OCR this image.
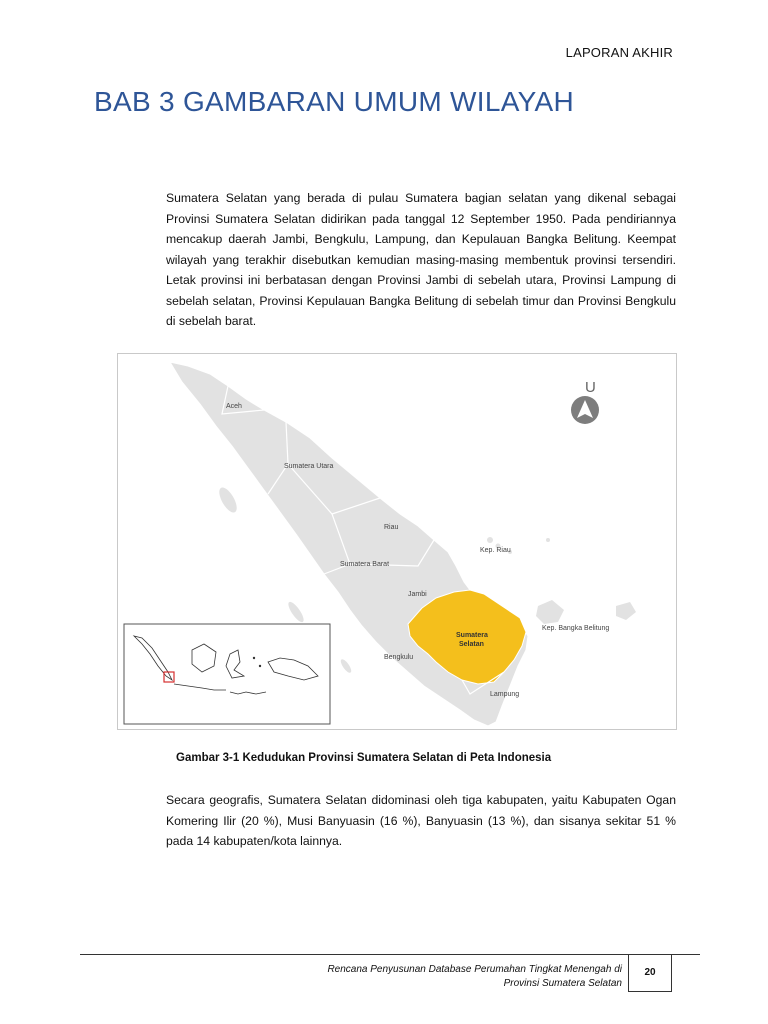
LAPORAN AKHIR
BAB 3 GAMBARAN UMUM WILAYAH

Sumatera Selatan yang berada di pulau Sumatera bagian selatan yang dikenal sebagai Provinsi Sumatera Selatan didirikan pada tanggal 12 September 1950. Pada pendiriannya mencakup daerah Jambi, Bengkulu, Lampung, dan Kepulauan Bangka Belitung. Keempat wilayah yang terakhir disebutkan kemudian masing-masing membentuk provinsi tersendiri. Letak provinsi ini berbatasan dengan Provinsi Jambi di sebelah utara, Provinsi Lampung di sebelah selatan, Provinsi Kepulauan Bangka Belitung di sebelah timur dan Provinsi Bengkulu di sebelah barat.

Aceh
Sumatera Utara
Riau
Kep. Riau
Sumatera Barat
Jambi
Sumatera
Selatan
Kep. Bangka Belitung
Bengkulu
Lampung
U

Gambar 3-1 Kedudukan Provinsi Sumatera Selatan di Peta Indonesia

Secara geografis, Sumatera Selatan didominasi oleh tiga kabupaten, yaitu Kabupaten Ogan Komering Ilir (20 %), Musi Banyuasin (16 %), Banyuasin (13 %), dan sisanya sekitar 51 % pada 14 kabupaten/kota lainnya.

Rencana Penyusunan Database Perumahan Tingkat Menengah di
Provinsi Sumatera Selatan
20
